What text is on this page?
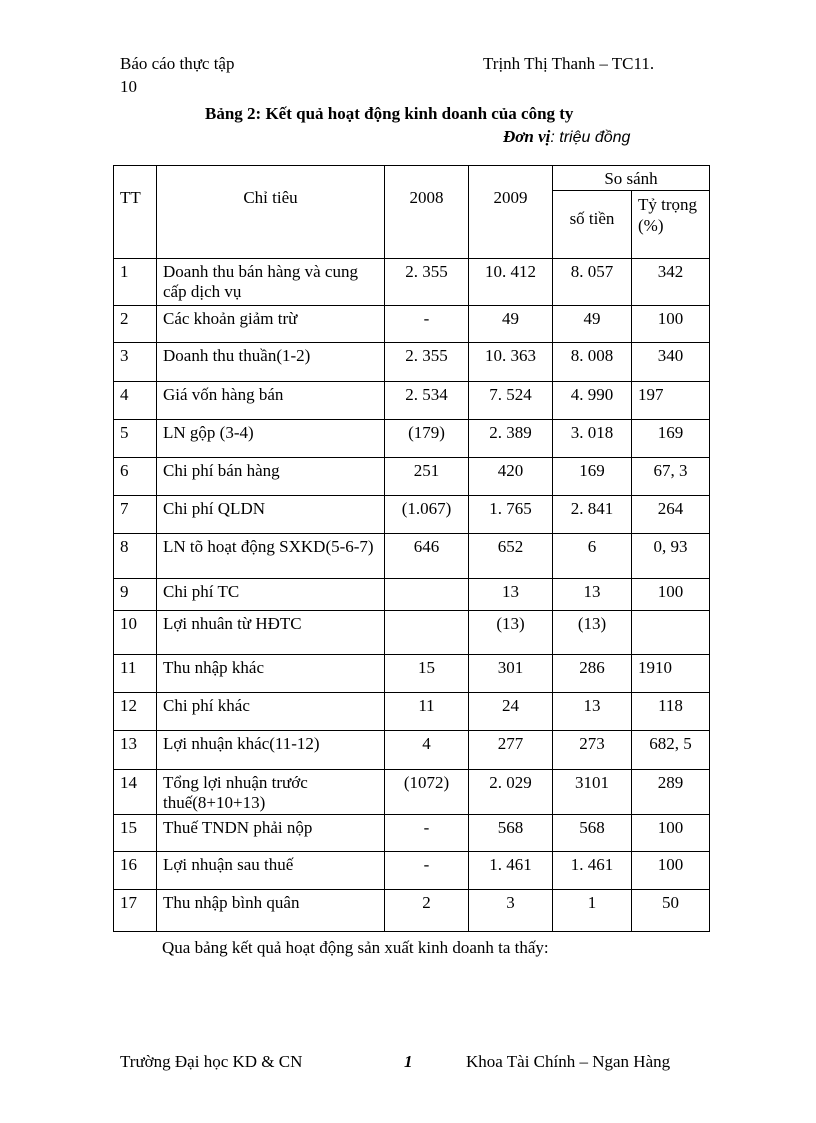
Báo cáo thực tập
10
Trịnh Thị Thanh – TC11.
Bảng 2: Kết quả hoạt động kinh doanh của công ty
Đơn vị: triệu đồng
TT	Chỉ tiêu	2008	2009	So sánh	
				số tiền	Tỷ trọng (%)
1	Doanh thu bán hàng và cung cấp dịch vụ	2. 355	10. 412	8. 057	342
2	Các khoản giảm trừ	-	49	49	100
3	Doanh thu thuần(1-2)	2. 355	10. 363	8. 008	340
4	Giá vốn hàng bán	2. 534	7. 524	4. 990	197
5	LN gộp (3-4)	(179)	2. 389	3. 018	169
6	Chi phí bán hàng	251	420	169	67, 3
7	Chi phí QLDN	(1.067)	1. 765	2. 841	264
8	LN tõ hoạt động SXKD(5-6-7)	646	652	6	0, 93
9	Chi phí TC		13	13	100
10	Lợi nhuân từ HĐTC		(13)	(13)	
11	Thu nhập khác	15	301	286	1910
12	Chi phí khác	11	24	13	118
13	Lợi nhuận khác(11-12)	4	277	273	682, 5
14	Tổng lợi nhuận trước thuế(8+10+13)	(1072)	2. 029	3101	289
15	Thuế TNDN phải nộp	-	568	568	100
16	Lợi nhuận sau thuế	-	1. 461	1. 461	100
17	Thu nhập bình quân	2	3	1	50
Qua bảng kết quả hoạt động sản xuất kinh doanh ta thấy:
Trường Đại học KD & CN	1	Khoa Tài Chính – Ngan Hàng
